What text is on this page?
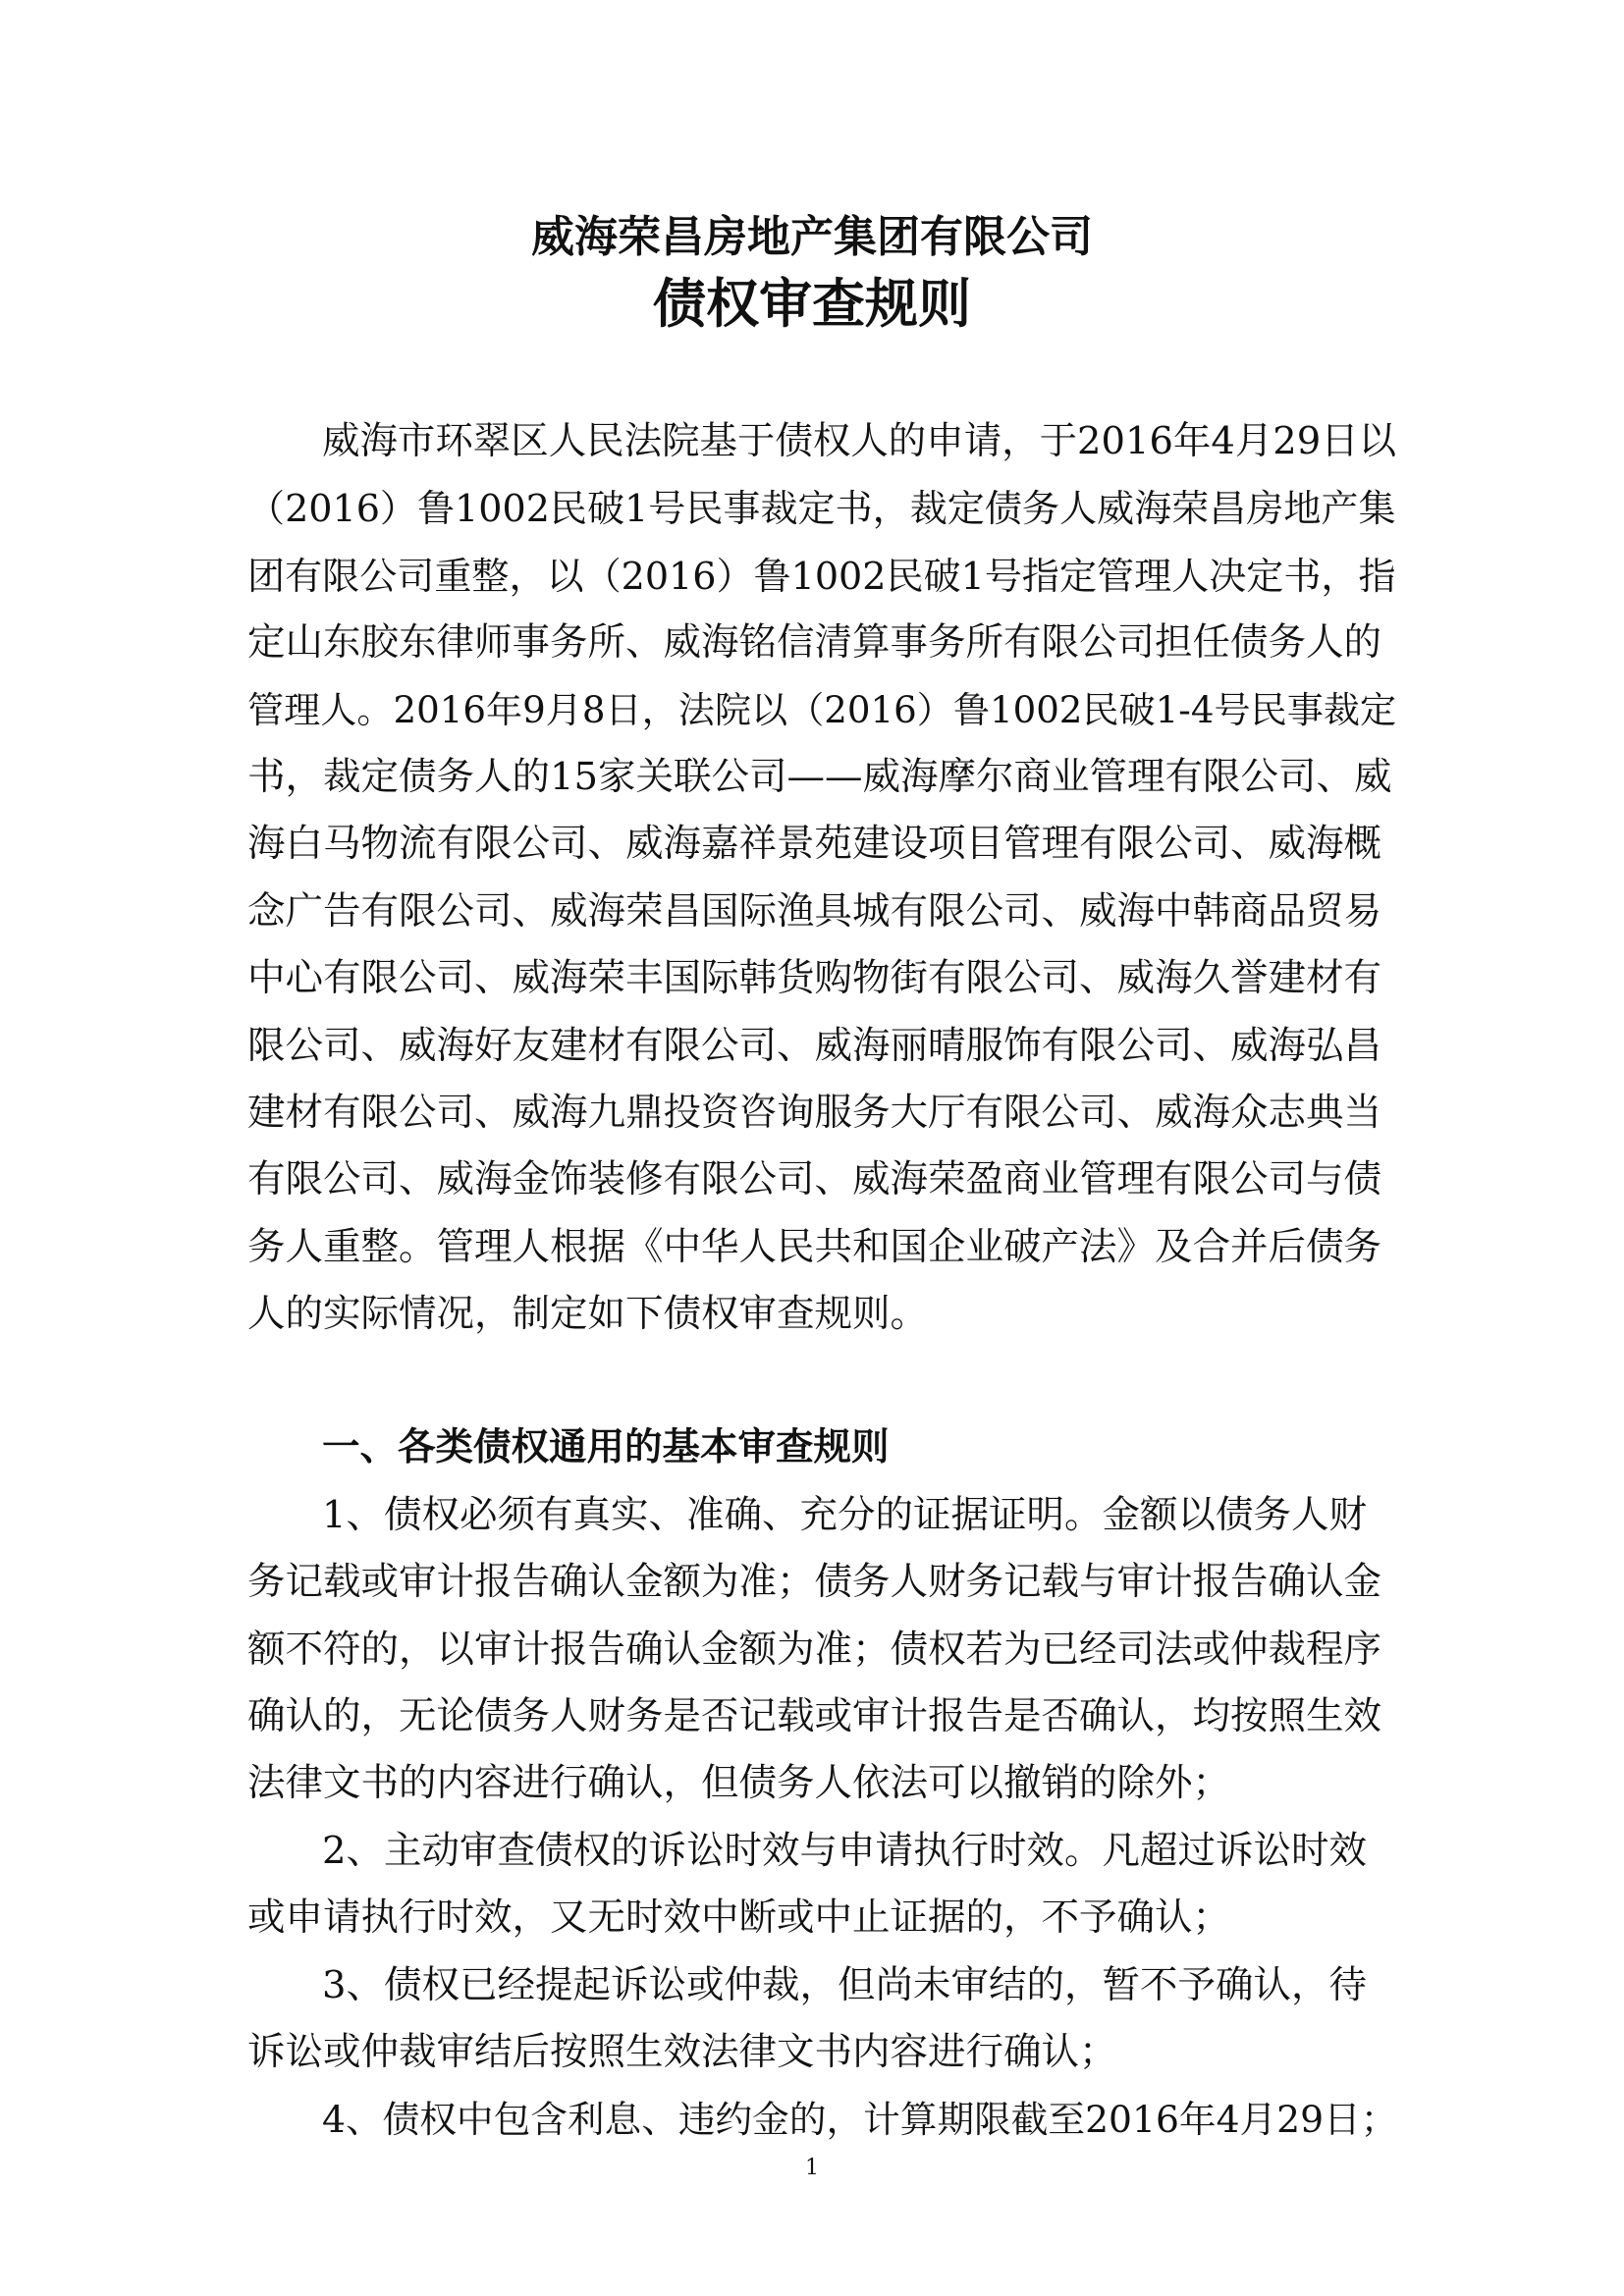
威海荣昌房地产集团有限公司
债权审查规则
威海市环翠区人民法院基于债权人的申请，于2016年4月29日以
（2016）鲁1002民破1号民事裁定书，裁定债务人威海荣昌房地产集
团有限公司重整，以（2016）鲁1002民破1号指定管理人决定书，指
定山东胶东律师事务所、威海铭信清算事务所有限公司担任债务人的
管理人。2016年9月8日，法院以（2016）鲁1002民破1-4号民事裁定
书，裁定债务人的15家关联公司——威海摩尔商业管理有限公司、威
海白马物流有限公司、威海嘉祥景苑建设项目管理有限公司、威海概
念广告有限公司、威海荣昌国际渔具城有限公司、威海中韩商品贸易
中心有限公司、威海荣丰国际韩货购物街有限公司、威海久誉建材有
限公司、威海好友建材有限公司、威海丽晴服饰有限公司、威海弘昌
建材有限公司、威海九鼎投资咨询服务大厅有限公司、威海众志典当
有限公司、威海金饰装修有限公司、威海荣盈商业管理有限公司与债
务人重整。管理人根据《中华人民共和国企业破产法》及合并后债务
人的实际情况，制定如下债权审查规则。
一、各类债权通用的基本审查规则
1、债权必须有真实、准确、充分的证据证明。金额以债务人财
务记载或审计报告确认金额为准；债务人财务记载与审计报告确认金
额不符的，以审计报告确认金额为准；债权若为已经司法或仲裁程序
确认的，无论债务人财务是否记载或审计报告是否确认，均按照生效
法律文书的内容进行确认，但债务人依法可以撤销的除外；
2、主动审查债权的诉讼时效与申请执行时效。凡超过诉讼时效
或申请执行时效，又无时效中断或中止证据的，不予确认；
3、债权已经提起诉讼或仲裁，但尚未审结的，暂不予确认，待
诉讼或仲裁审结后按照生效法律文书内容进行确认；
4、债权中包含利息、违约金的，计算期限截至2016年4月29日；
1
